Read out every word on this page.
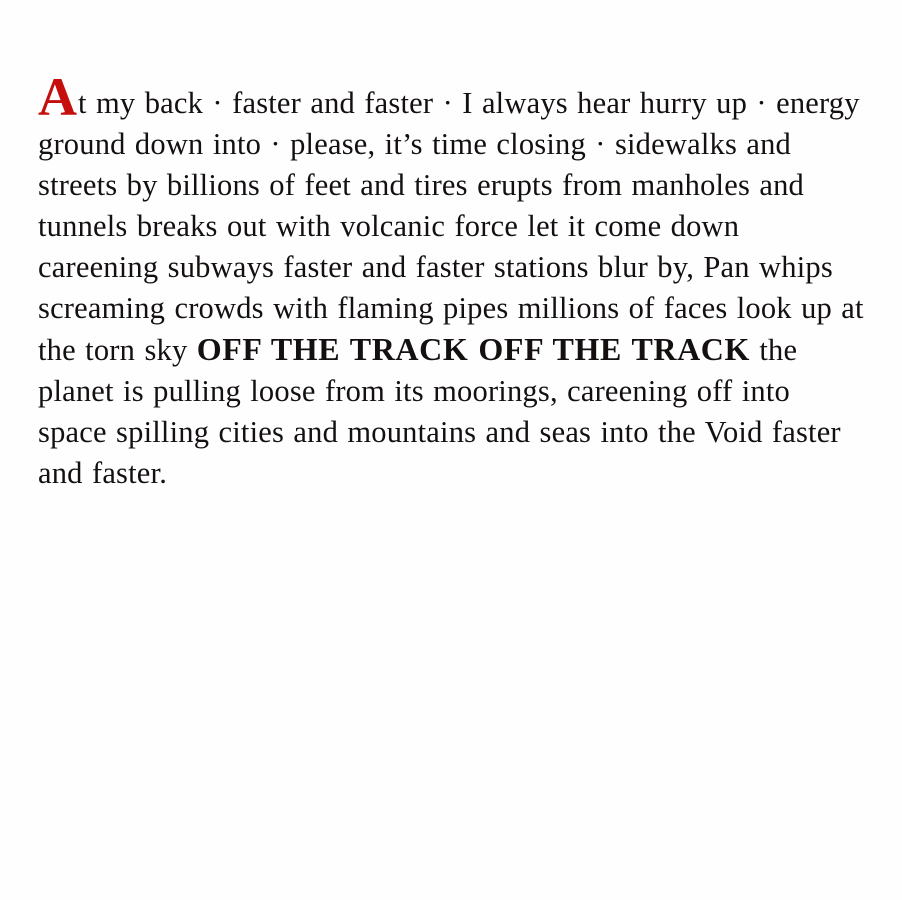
At my back · faster and faster · I always hear hurry up · energy ground down into · please, it’s time closing · sidewalks and streets by billions of feet and tires erupts from manholes and tunnels breaks out with volcanic force let it come down careening subways faster and faster stations blur by, Pan whips screaming crowds with flaming pipes millions of faces look up at the torn sky OFF THE TRACK OFF THE TRACK the planet is pulling loose from its moorings, careening off into space spilling cities and mountains and seas into the Void faster and faster.
